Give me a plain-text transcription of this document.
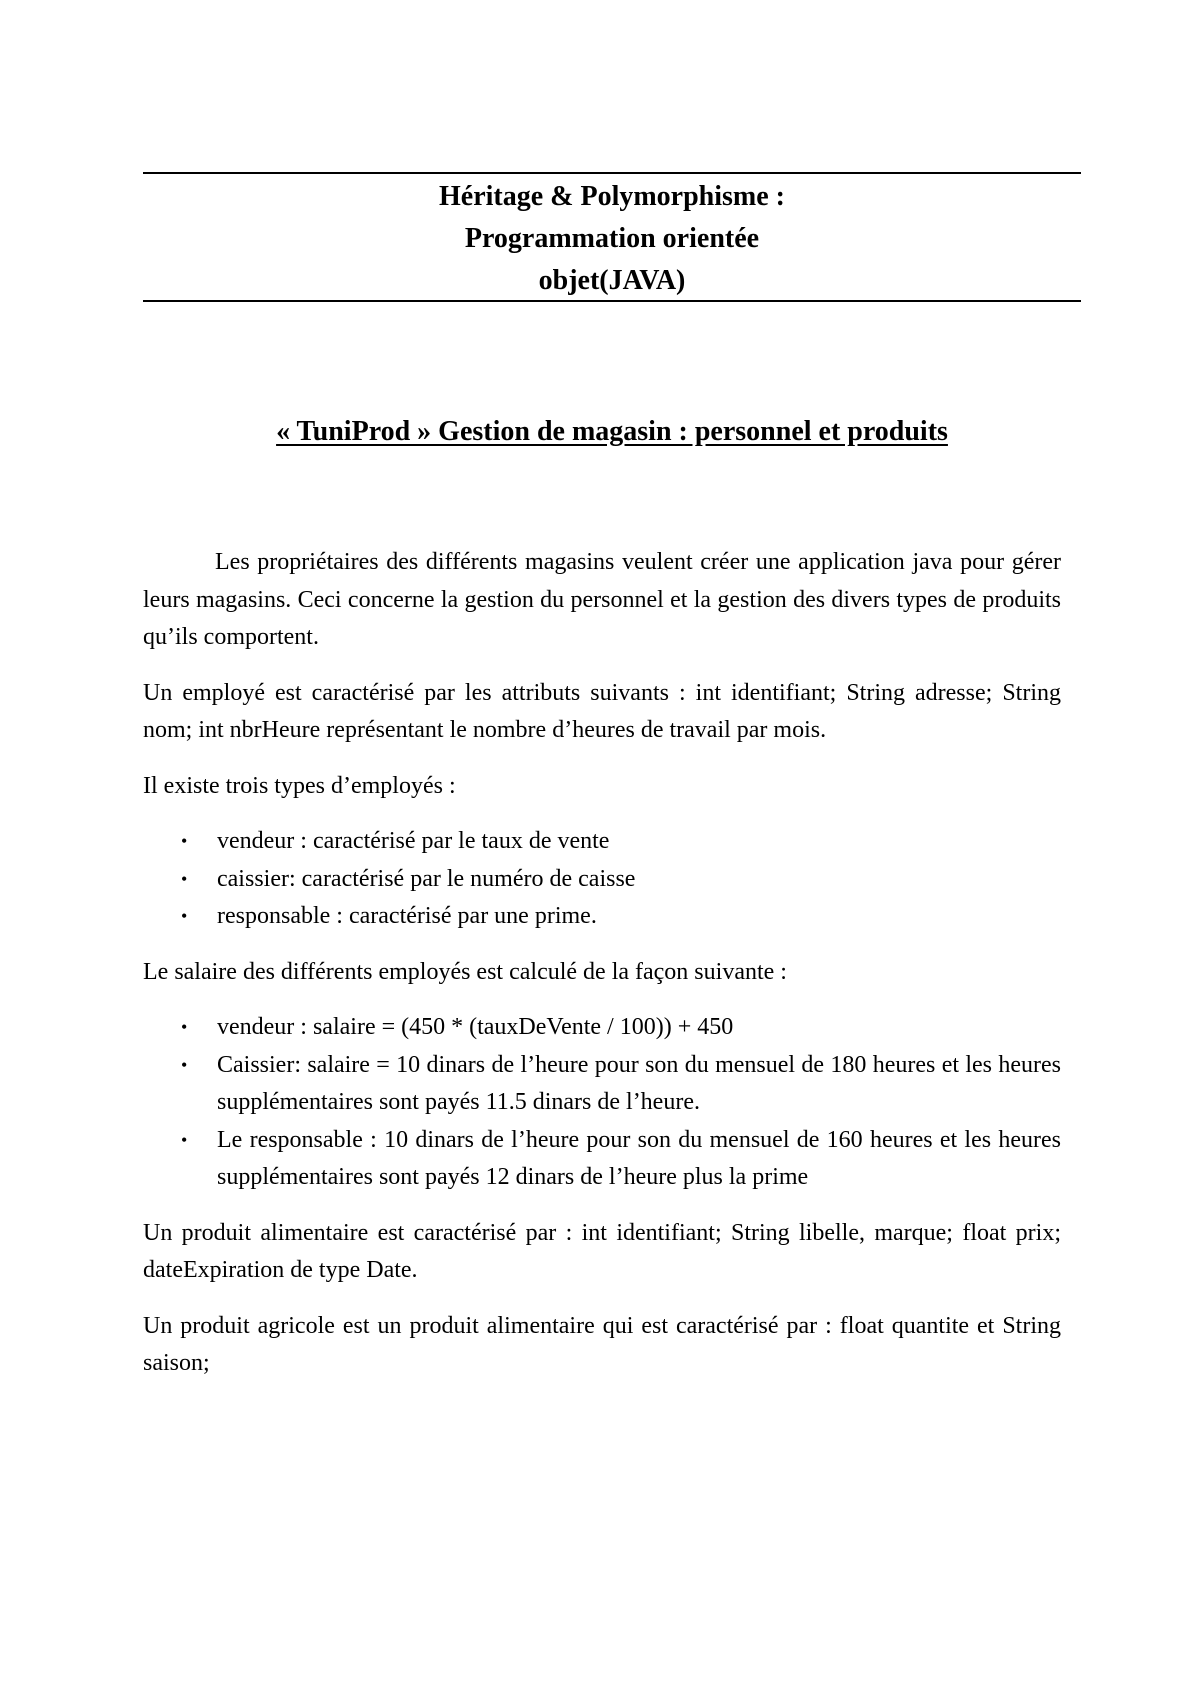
Héritage & Polymorphisme :
Programmation orientée
objet(JAVA)
« TuniProd » Gestion de magasin : personnel et produits

Les propriétaires des différents magasins veulent créer une application java pour gérer leurs magasins. Ceci concerne la gestion du personnel et la gestion des divers types de produits qu’ils comportent.

Un employé est caractérisé par les attributs suivants : int identifiant; String adresse; String nom; int nbrHeure représentant le nombre d’heures de travail par mois.

Il existe trois types d’employés :

• vendeur : caractérisé par le taux de vente
• caissier: caractérisé par le numéro de caisse
• responsable : caractérisé par une prime.

Le salaire des différents employés est calculé de la façon suivante :

• vendeur : salaire = (450 * (tauxDeVente / 100)) + 450
• Caissier: salaire = 10 dinars de l’heure pour son du mensuel de 180 heures et les heures supplémentaires sont payés 11.5 dinars de l’heure.
• Le responsable : 10 dinars de l’heure pour son du mensuel de 160 heures et les heures supplémentaires sont payés 12 dinars de l’heure plus la prime

Un produit alimentaire est caractérisé par : int identifiant; String libelle, marque; float prix; dateExpiration de type Date.

Un produit agricole est un produit alimentaire qui est caractérisé par : float quantite et String saison;
